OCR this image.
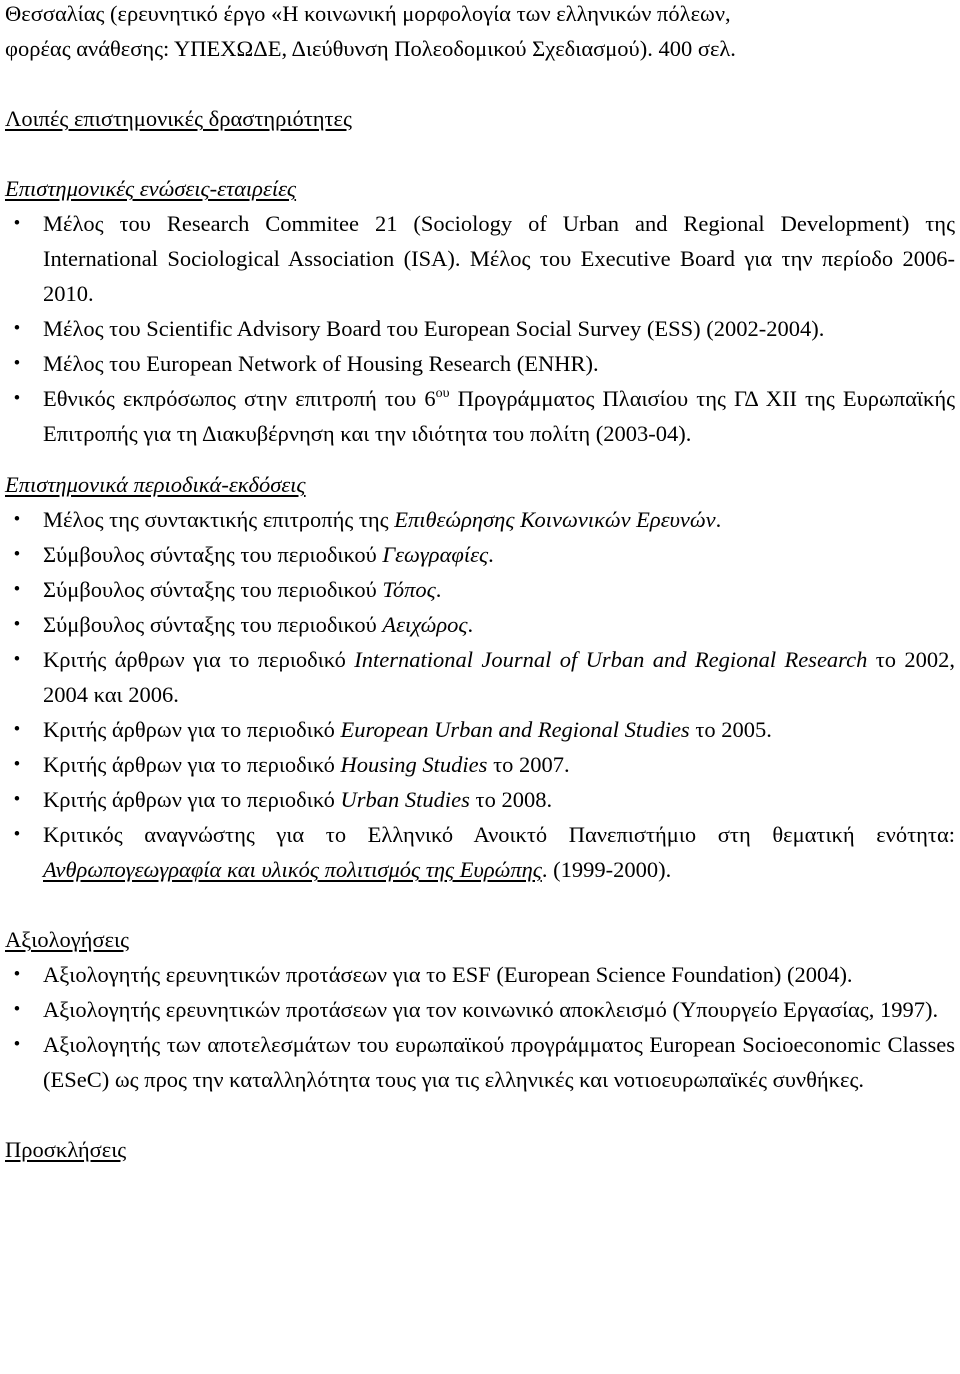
Θεσσαλίας (ερευνητικό έργο «Η κοινωνική μορφολογία των ελληνικών πόλεων,

φορέας ανάθεσης: ΥΠΕΧΩΔΕ, Διεύθυνση Πολεοδομικού Σχεδιασμού). 400 σελ.

Λοιπές επιστημονικές δραστηριότητες

Επιστημονικές ενώσεις-εταιρείες

• Μέλος του Research Commitee 21 (Sociology of Urban and Regional Development) της International Sociological Association (ISA). Μέλος του Executive Board για την περίοδο 2006-2010.
• Μέλος του Scientific Advisory Board του European Social Survey (ESS) (2002-2004).
• Μέλος του European Network of Housing Research (ENHR).
• Εθνικός εκπρόσωπος στην επιτροπή του $6^{o\upsilon}$ Προγράμματος Πλαισίου της ΓΔ XII της Ευρωπαϊκής Επιτροπής για τη Διακυβέρνηση και την ιδιότητα του πολίτη (2003-04).

Επιστημονικά περιοδικά-εκδόσεις

• Μέλος της συντακτικής επιτροπής της Επιθεώρησης Κοινωνικών Ερευνών.
• Σύμβουλος σύνταξης του περιοδικού Γεωγραφίες.
• Σύμβουλος σύνταξης του περιοδικού Τόπος.
• Σύμβουλος σύνταξης του περιοδικού Αειχώρος.
• Κριτής άρθρων για το περιοδικό International Journal of Urban and Regional Research το 2002, 2004 και 2006.
• Κριτής άρθρων για το περιοδικό European Urban and Regional Studies το 2005.
• Κριτής άρθρων για το περιοδικό Housing Studies το 2007.
• Κριτής άρθρων για το περιοδικό Urban Studies το 2008.
• Κριτικός αναγνώστης για το Ελληνικό Ανοικτό Πανεπιστήμιο στη θεματική ενότητα: Ανθρωπογεωγραφία και υλικός πολιτισμός της Ευρώπης. (1999-2000).

Αξιολογήσεις

• Αξιολογητής ερευνητικών προτάσεων για το ESF (European Science Foundation) (2004).
• Αξιολογητής ερευνητικών προτάσεων για τον κοινωνικό αποκλεισμό (Υπουργείο Εργασίας, 1997).
• Αξιολογητής των αποτελεσμάτων του ευρωπαϊκού προγράμματος European Socioeconomic Classes (ESeC) ως προς την καταλληλότητα τους για τις ελληνικές και νοτιοευρωπαϊκές συνθήκες.

Προσκλήσεις
